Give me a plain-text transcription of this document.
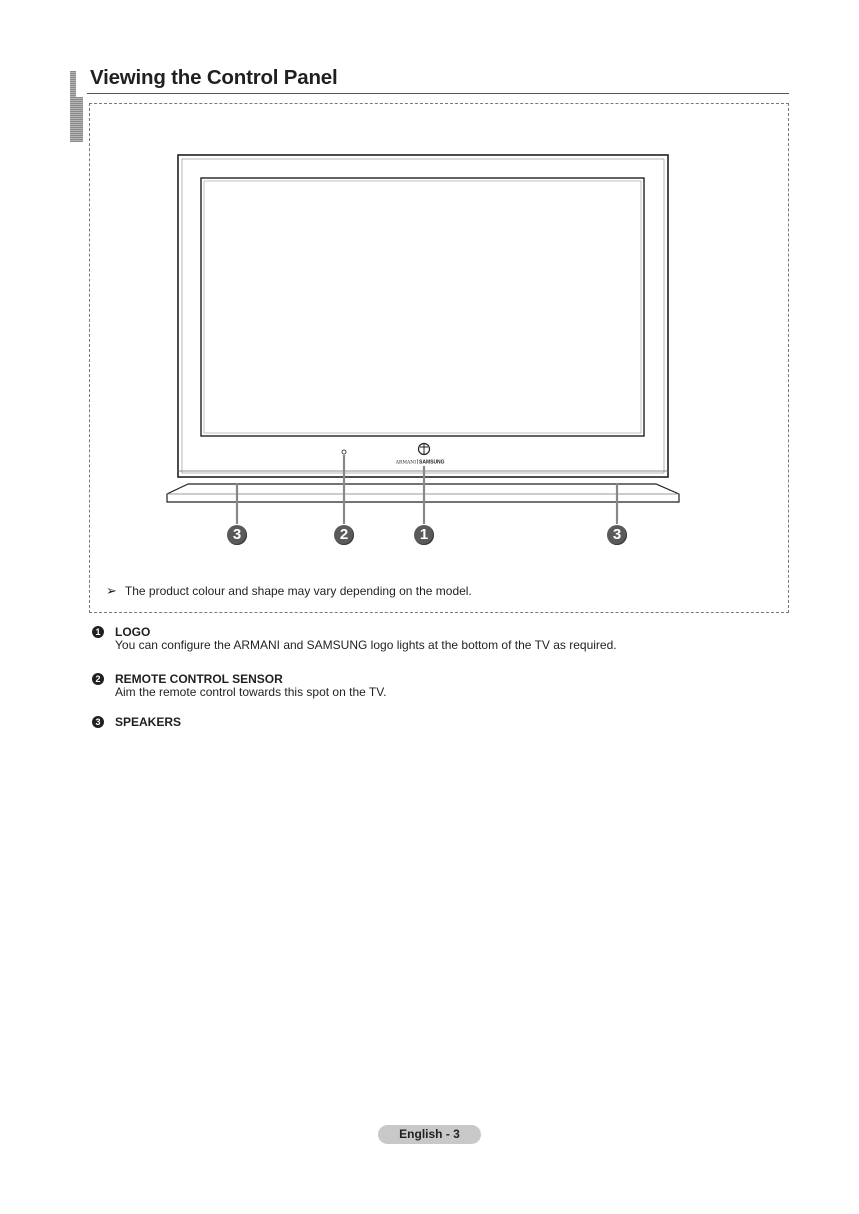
Viewing the Control Panel
ARMANI SAMSUNG
3	2	1	3
➢ The product colour and shape may vary depending on the model.
1 LOGO
You can configure the ARMANI and SAMSUNG logo lights at the bottom of the TV as required.
2 REMOTE CONTROL SENSOR
Aim the remote control towards this spot on the TV.
3 SPEAKERS
English - 3
